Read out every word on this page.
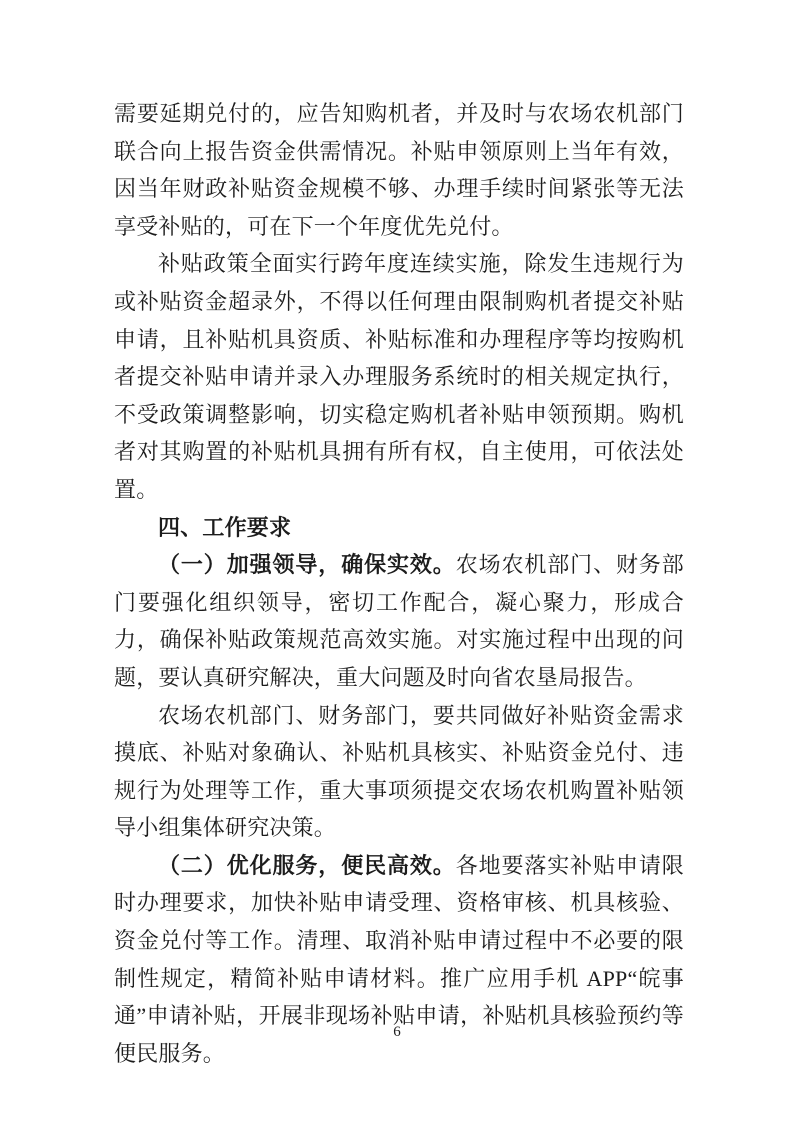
需要延期兑付的，应告知购机者，并及时与农场农机部门联合向上报告资金供需情况。补贴申领原则上当年有效，因当年财政补贴资金规模不够、办理手续时间紧张等无法享受补贴的，可在下一个年度优先兑付。

补贴政策全面实行跨年度连续实施，除发生违规行为或补贴资金超录外，不得以任何理由限制购机者提交补贴申请，且补贴机具资质、补贴标准和办理程序等均按购机者提交补贴申请并录入办理服务系统时的相关规定执行，不受政策调整影响，切实稳定购机者补贴申领预期。购机者对其购置的补贴机具拥有所有权，自主使用，可依法处置。

四、工作要求

（一）加强领导，确保实效。农场农机部门、财务部门要强化组织领导，密切工作配合，凝心聚力，形成合力，确保补贴政策规范高效实施。对实施过程中出现的问题，要认真研究解决，重大问题及时向省农垦局报告。

农场农机部门、财务部门，要共同做好补贴资金需求摸底、补贴对象确认、补贴机具核实、补贴资金兑付、违规行为处理等工作，重大事项须提交农场农机购置补贴领导小组集体研究决策。

（二）优化服务，便民高效。各地要落实补贴申请限时办理要求，加快补贴申请受理、资格审核、机具核验、资金兑付等工作。清理、取消补贴申请过程中不必要的限制性规定，精简补贴申请材料。推广应用手机 APP“皖事通”申请补贴，开展非现场补贴申请，补贴机具核验预约等便民服务。

6
